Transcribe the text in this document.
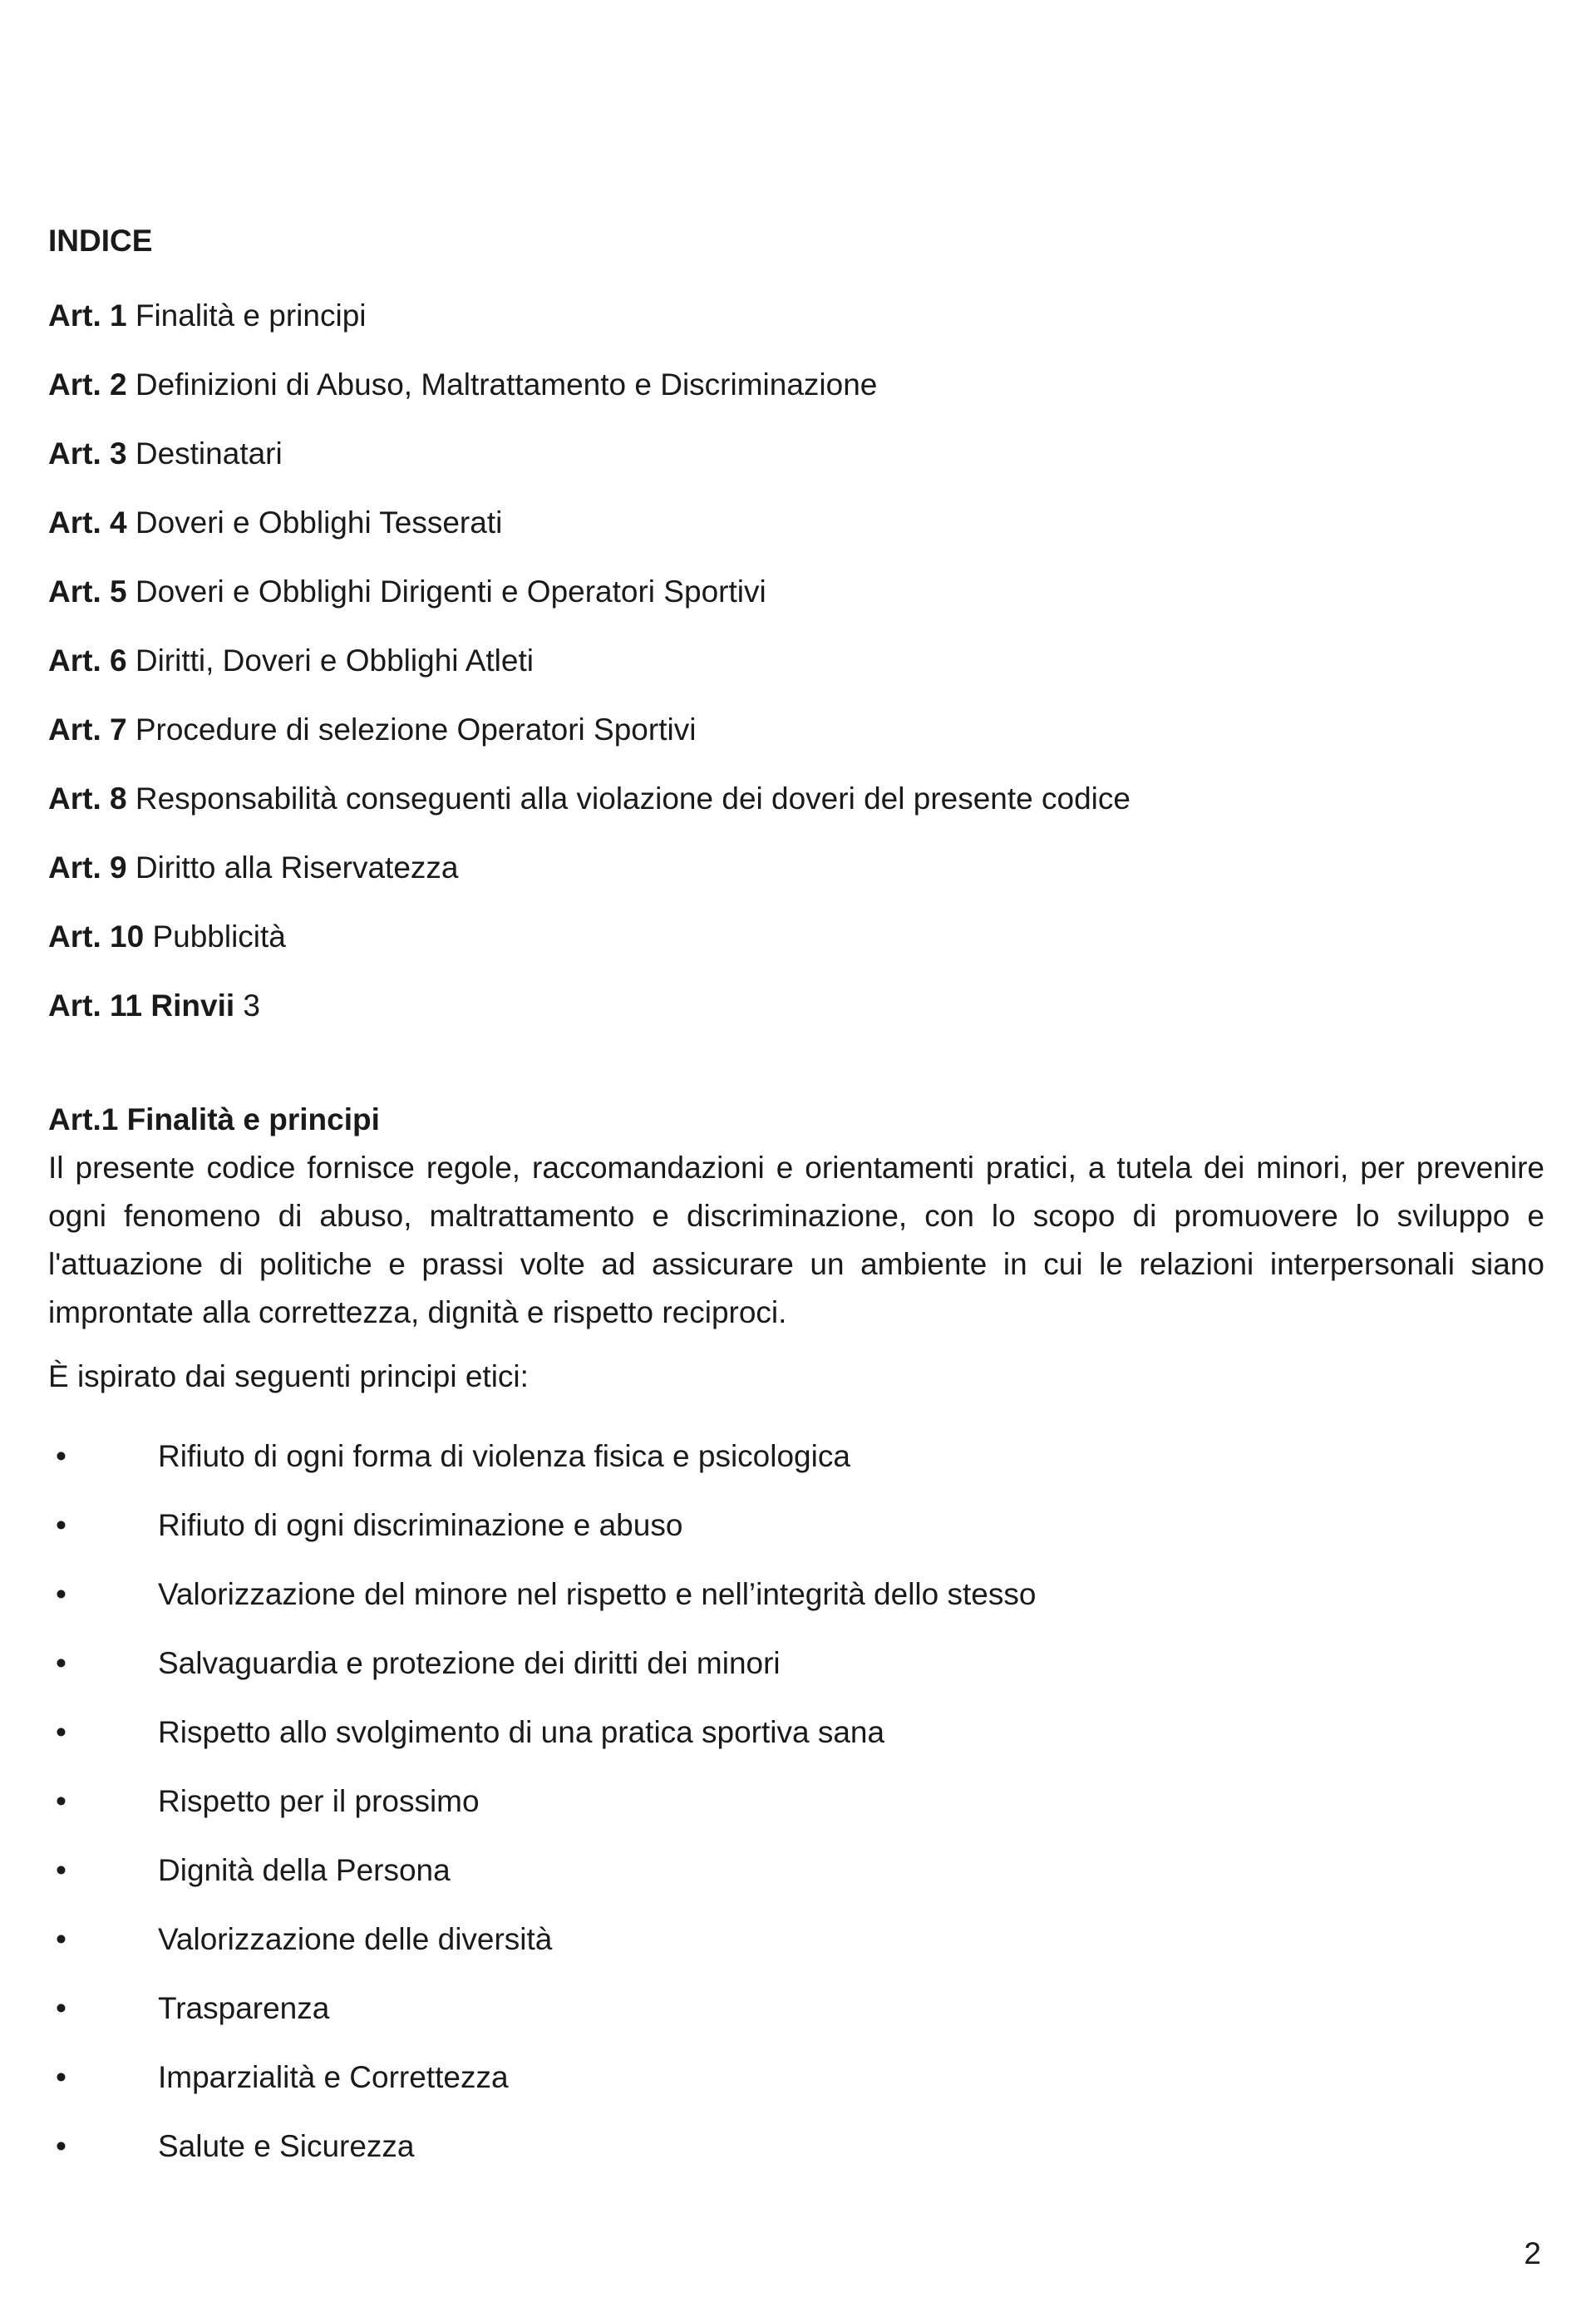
INDICE
Art. 1 Finalità e principi
Art. 2 Definizioni di Abuso, Maltrattamento e Discriminazione
Art. 3 Destinatari
Art. 4 Doveri e Obblighi Tesserati
Art. 5 Doveri e Obblighi Dirigenti e Operatori Sportivi
Art. 6 Diritti, Doveri e Obblighi Atleti
Art. 7 Procedure di selezione Operatori Sportivi
Art. 8 Responsabilità conseguenti alla violazione dei doveri del presente codice
Art. 9 Diritto alla Riservatezza
Art. 10 Pubblicità
Art. 11 Rinvii 3
Art.1 Finalità e principi

Il presente codice fornisce regole, raccomandazioni e orientamenti pratici, a tutela dei minori, per prevenire ogni fenomeno di abuso, maltrattamento e discriminazione, con lo scopo di promuovere lo sviluppo e l'attuazione di politiche e prassi volte ad assicurare un ambiente in cui le relazioni interpersonali siano improntate alla correttezza, dignità e rispetto reciproci.

È ispirato dai seguenti principi etici:

•	Rifiuto di ogni forma di violenza fisica e psicologica
•	Rifiuto di ogni discriminazione e abuso
•	Valorizzazione del minore nel rispetto e nell’integrità dello stesso
•	Salvaguardia e protezione dei diritti dei minori
•	Rispetto allo svolgimento di una pratica sportiva sana
•	Rispetto per il prossimo
•	Dignità della Persona
•	Valorizzazione delle diversità
•	Trasparenza
•	Imparzialità e Correttezza
•	Salute e Sicurezza
2
